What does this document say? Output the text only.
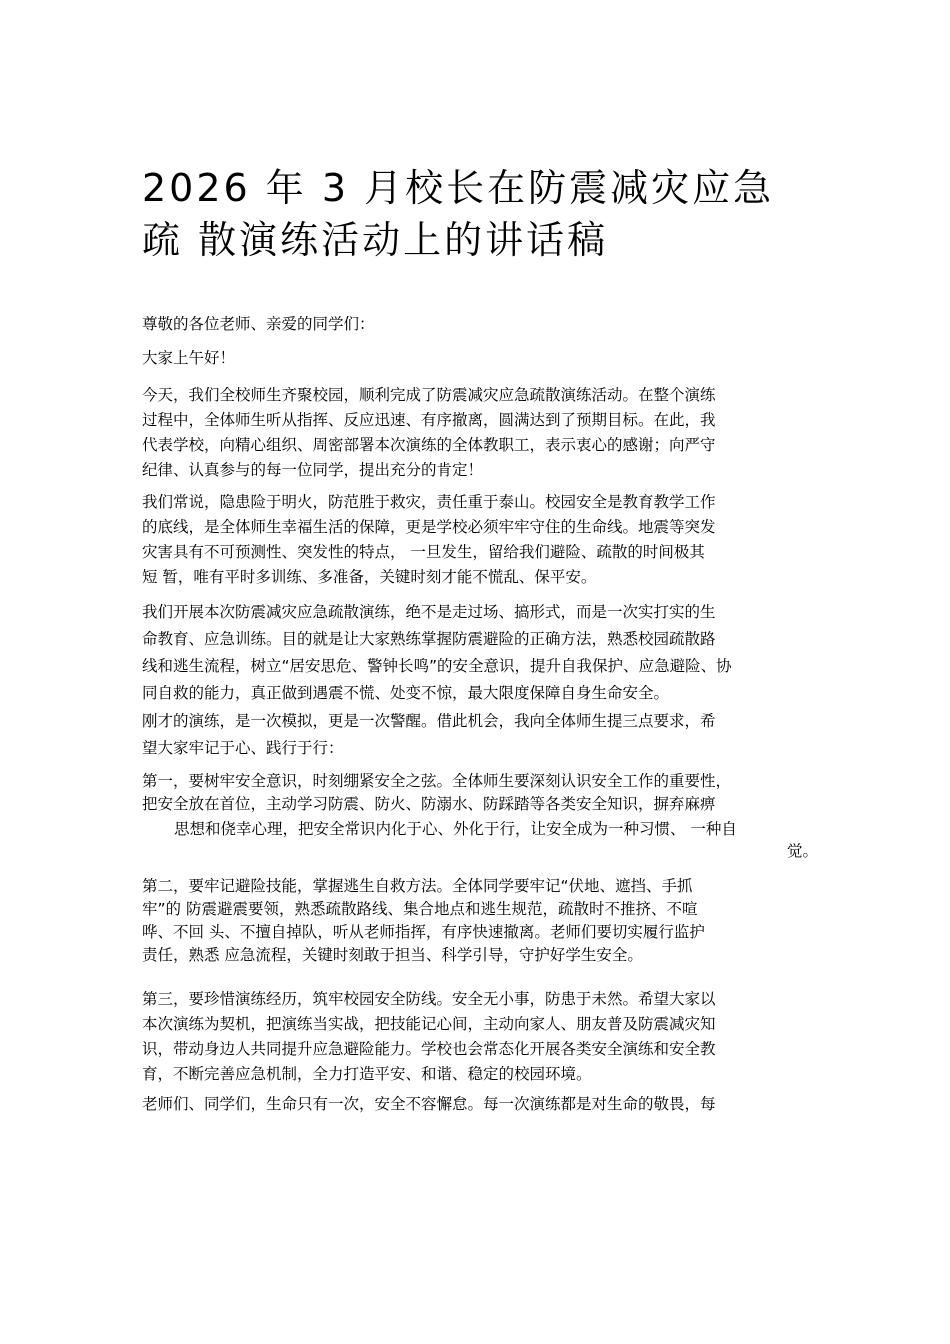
2026 年 3 月校长在防震减灾应急
疏 散演练活动上的讲话稿
尊敬的各位老师、亲爱的同学们：
大家上午好！
今天，我们全校师生齐聚校园，顺利完成了防震减灾应急疏散演练活动。在整个演练
过程中，全体师生听从指挥、反应迅速、有序撤离，圆满达到了预期目标。在此，我
代表学校，向精心组织、周密部署本次演练的全体教职工，表示衷心的感谢；向严守
纪律、认真参与的每一位同学，提出充分的肯定！
我们常说，隐患险于明火，防范胜于救灾，责任重于泰山。校园安全是教育教学工作
的底线，是全体师生幸福生活的保障，更是学校必须牢牢守住的生命线。地震等突发
灾害具有不可预测性、突发性的特点， 一旦发生，留给我们避险、疏散的时间极其
短 暂，唯有平时多训练、多准备，关键时刻才能不慌乱、保平安。
我们开展本次防震减灾应急疏散演练，绝不是走过场、搞形式，而是一次实打实的生
命教育、应急训练。目的就是让大家熟练掌握防震避险的正确方法，熟悉校园疏散路
线和逃生流程，树立“居安思危、警钟长鸣”的安全意识，提升自我保护、应急避险、协
同自救的能力，真正做到遇震不慌、处变不惊，最大限度保障自身生命安全。
刚才的演练，是一次模拟，更是一次警醒。借此机会，我向全体师生提三点要求，希
望大家牢记于心、践行于行：
第一，要树牢安全意识，时刻绷紧安全之弦。全体师生要深刻认识安全工作的重要性，
把安全放在首位，主动学习防震、防火、防溺水、防踩踏等各类安全知识，摒弃麻痹
思想和侥幸心理，把安全常识内化于心、外化于行，让安全成为一种习惯、 一种自
觉。
第二，要牢记避险技能，掌握逃生自救方法。全体同学要牢记“伏地、遮挡、手抓
牢”的 防震避震要领，熟悉疏散路线、集合地点和逃生规范，疏散时不推挤、不喧
哗、不回 头、不擅自掉队，听从老师指挥，有序快速撤离。老师们要切实履行监护
责任，熟悉 应急流程，关键时刻敢于担当、科学引导，守护好学生安全。
第三，要珍惜演练经历，筑牢校园安全防线。安全无小事，防患于未然。希望大家以
本次演练为契机，把演练当实战，把技能记心间，主动向家人、朋友普及防震减灾知
识，带动身边人共同提升应急避险能力。学校也会常态化开展各类安全演练和安全教
育，不断完善应急机制，全力打造平安、和谐、稳定的校园环境。
老师们、同学们，生命只有一次，安全不容懈怠。每一次演练都是对生命的敬畏，每
